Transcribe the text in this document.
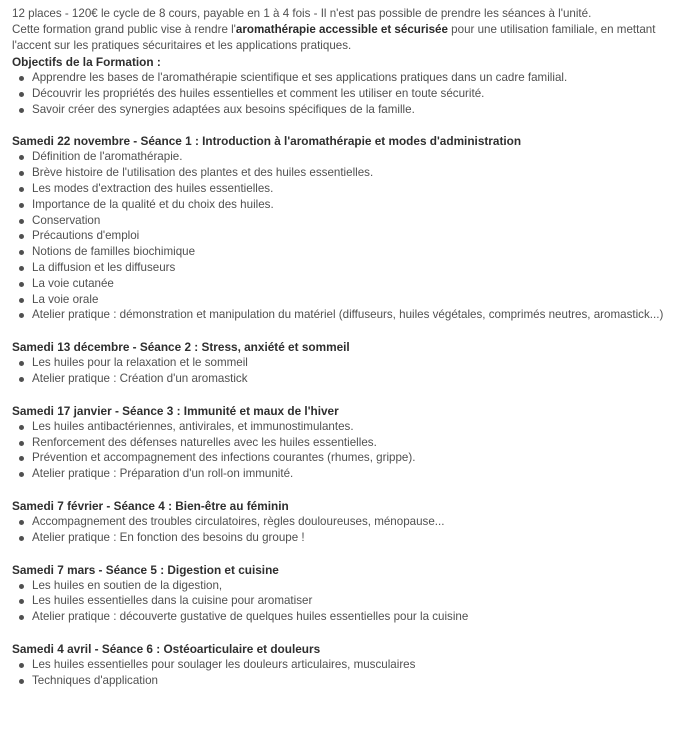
12 places - 120€ le cycle de 8 cours, payable en 1 à 4 fois - Il n'est pas possible de prendre les séances à l'unité.

Cette formation grand public vise à rendre l'aromathérapie accessible et sécurisée pour une utilisation familiale, en mettant l'accent sur les pratiques sécuritaires et les applications pratiques.

Objectifs de la Formation :
Apprendre les bases de l'aromathérapie scientifique et ses applications pratiques dans un cadre familial.
Découvrir les propriétés des huiles essentielles et comment les utiliser en toute sécurité.
Savoir créer des synergies adaptées aux besoins spécifiques de la famille.
Samedi 22 novembre - Séance 1 : Introduction à l'aromathérapie et modes d'administration
Définition de l'aromathérapie.
Brève histoire de l'utilisation des plantes et des huiles essentielles.
Les modes d'extraction des huiles essentielles.
Importance de la qualité et du choix des huiles.
Conservation
Précautions d'emploi
Notions de familles biochimique
La diffusion et les diffuseurs
La voie cutanée
La voie orale
Atelier pratique : démonstration et manipulation du matériel (diffuseurs, huiles végétales, comprimés neutres, aromastick...)
Samedi 13 décembre - Séance 2 : Stress, anxiété et sommeil
Les huiles pour la relaxation et le sommeil
Atelier pratique : Création d'un aromastick
Samedi 17 janvier - Séance 3 : Immunité et maux de l'hiver
Les huiles antibactériennes, antivirales, et immunostimulantes.
Renforcement des défenses naturelles avec les huiles essentielles.
Prévention et accompagnement des infections courantes (rhumes, grippe).
Atelier pratique : Préparation d'un roll-on immunité.
Samedi 7 février - Séance 4 : Bien-être au féminin
Accompagnement des troubles circulatoires, règles douloureuses, ménopause...
Atelier pratique : En fonction des besoins du groupe !
Samedi 7 mars - Séance 5 : Digestion et cuisine
Les huiles en soutien de la digestion,
Les huiles essentielles dans la cuisine pour aromatiser
Atelier pratique : découverte gustative de quelques huiles essentielles pour la cuisine
Samedi 4 avril - Séance 6 : Ostéoarticulaire et douleurs
Les huiles essentielles pour soulager les douleurs articulaires, musculaires
Techniques d'application
